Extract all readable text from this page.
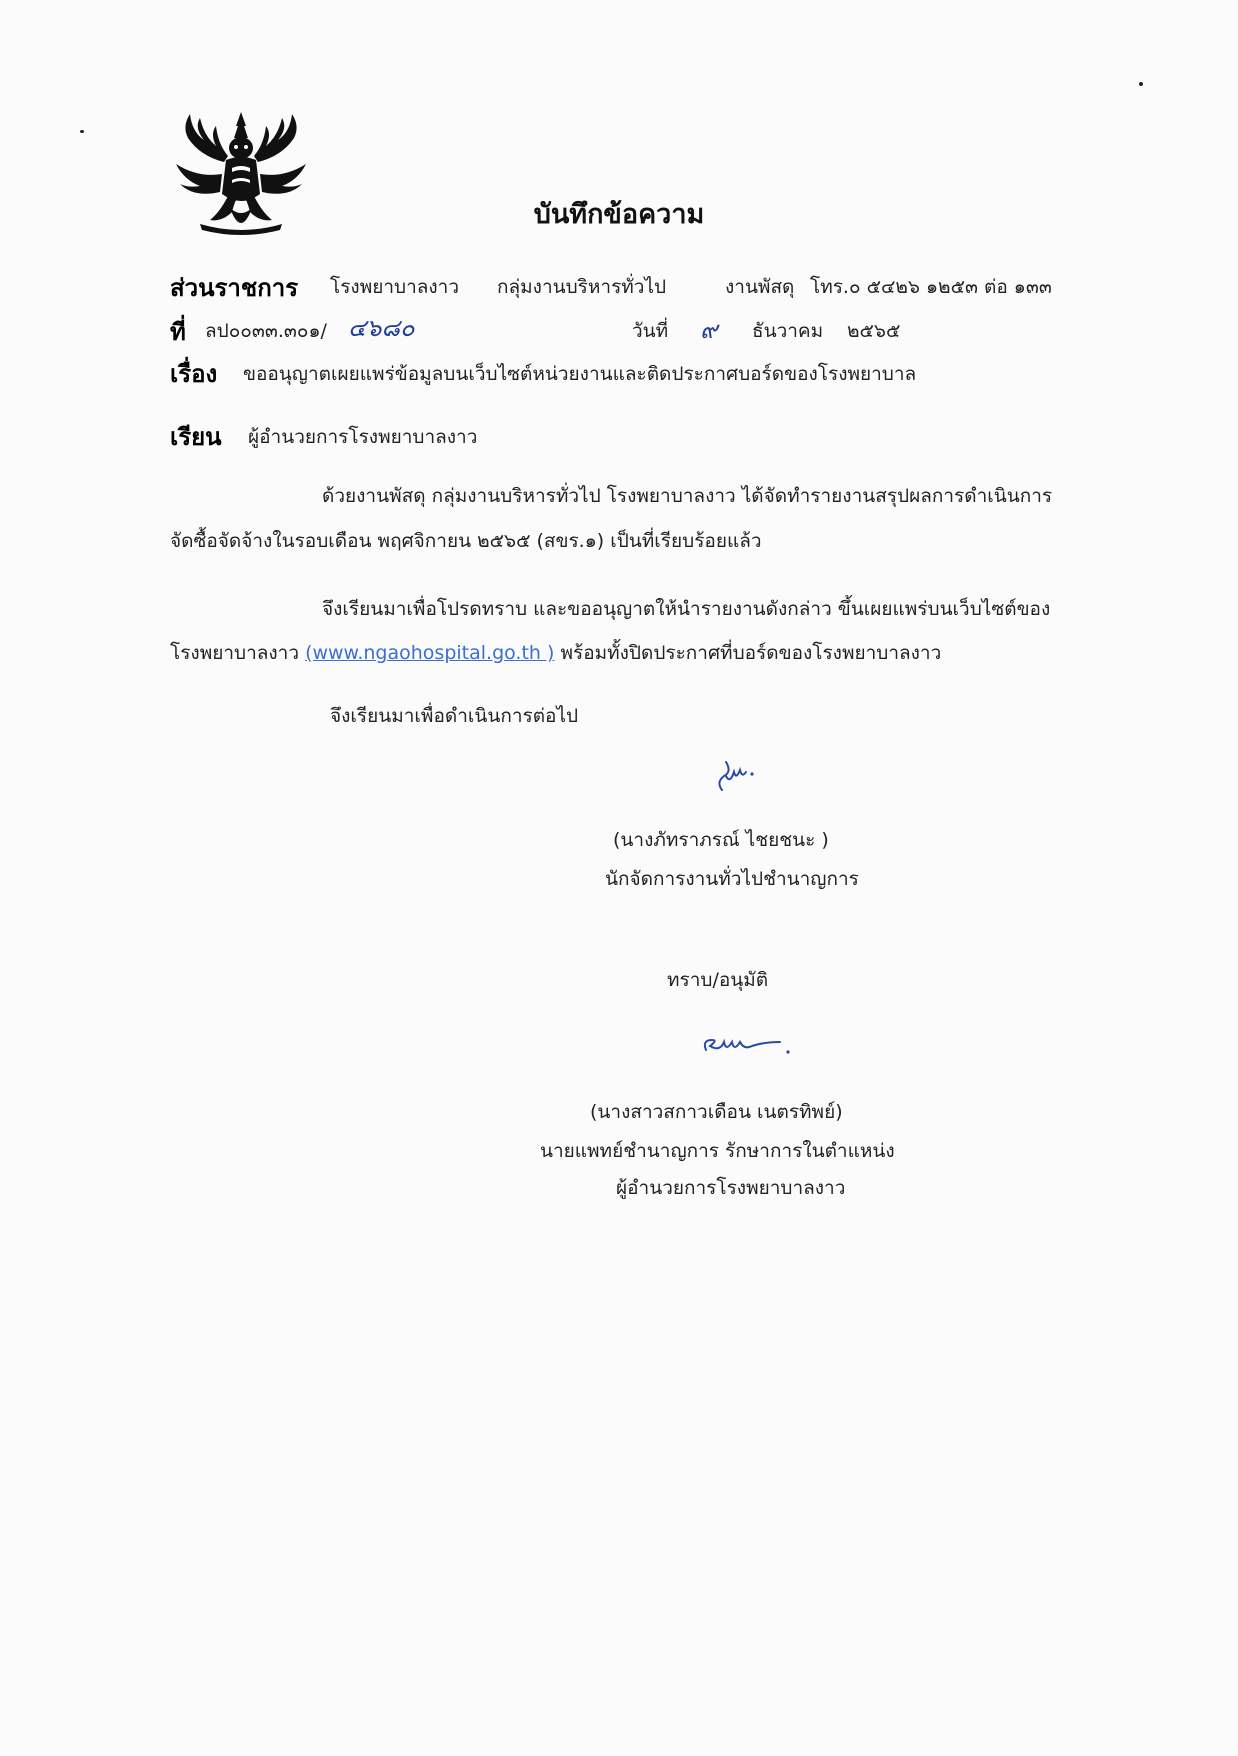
บันทึกข้อความ
ส่วนราชการ โรงพยาบาลงาว กลุ่มงานบริหารทั่วไป	งานพัสดุ โทร.๐ ๕๔๒๖ ๑๒๕๓ ต่อ ๑๓๓
ที่ ลป๐๐๓๓.๓๐๑/ ๔๖๘๐	วันที่ ๙ ธันวาคม ๒๕๖๕
เรื่อง ขออนุญาตเผยแพร่ข้อมูลบนเว็บไซต์หน่วยงานและติดประกาศบอร์ดของโรงพยาบาล
เรียน ผู้อำนวยการโรงพยาบาลงาว
ด้วยงานพัสดุ กลุ่มงานบริหารทั่วไป โรงพยาบาลงาว ได้จัดทำรายงานสรุปผลการดำเนินการ
จัดซื้อจัดจ้างในรอบเดือน พฤศจิกายน ๒๕๖๕ (สขร.๑) เป็นที่เรียบร้อยแล้ว
จึงเรียนมาเพื่อโปรดทราบ และขออนุญาตให้นำรายงานดังกล่าว ขึ้นเผยแพร่บนเว็บไซต์ของ
โรงพยาบาลงาว (www.ngaohospital.go.th ) พร้อมทั้งปิดประกาศที่บอร์ดของโรงพยาบาลงาว
จึงเรียนมาเพื่อดำเนินการต่อไป
(นางภัทราภรณ์ ไชยชนะ )
นักจัดการงานทั่วไปชำนาญการ
ทราบ/อนุมัติ
(นางสาวสกาวเดือน เนตรทิพย์)
นายแพทย์ชำนาญการ รักษาการในตำแหน่ง
ผู้อำนวยการโรงพยาบาลงาว
